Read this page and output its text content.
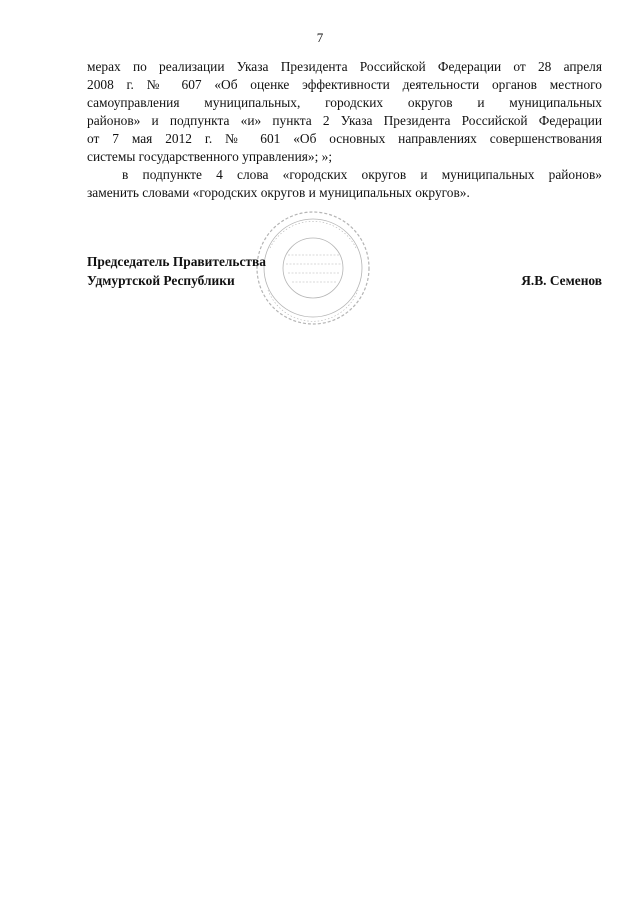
7
мерах по реализации Указа Президента Российской Федерации от 28 апреля
2008 г. № 607 «Об оценке эффективности деятельности органов местного
самоуправления муниципальных, городских округов и муниципальных
районов» и подпункта «и» пункта 2 Указа Президента Российской Федерации
от 7 мая 2012 г. № 601 «Об основных направлениях совершенствования
системы государственного управления»; »;
в подпункте 4 слова «городских округов и муниципальных районов»
заменить словами «городских округов и муниципальных округов».
Председатель Правительства
Удмуртской Республики	Я.В. Семенов
